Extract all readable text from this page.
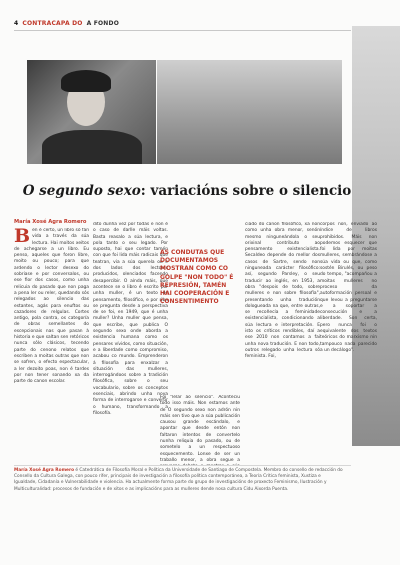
4 CONTRACAPA DO A FONDO
O segundo sexo: variacións sobre o silencio
María Xosé Agra Romero
Ben é certo, un libro só fan vida a través da súa lectura. Hai moitos xeitos de achegarse a un libro. Eu penso, aqueles que foron libre, moito ou pouco; para que ardendo o lector desexo do sobriase e por conversalos, ou ese fior dos casos, como unha relicuia do pasado que non paga a pena ler ou reler, quedando sós relegados ao silencio das estantes, agás para enuftos ou cazadores de relgulas. Cortes antigo, pola contra, os categoría de obras semellantes do escepcionais nas que pasan à historia e que saltan sen retóricos nunca sólo clásicos, tecendo parte do cenono relatos que escriben a moitas outras que non se sofren, o efecto espectacular, a ler dezoito poas, non é tardes por non tener sonando xa da parte do canon escolar.
dito dunha vez por todas e non é o caso de darlle máis voltas. Basta reasalo a súa lectura, e pola tanto o seu legado. Por suposto, hai que contar tamén con que foi lida máis radicais que teatran, via a súa querela ou e dos lados dos lectores producidos, olenciados facendo desapercibir. O aínda máis, que acontece se o libro é escrito por unha muller, é un texto de pensamento, filosófico, e por riba se pregunta desde a perspectiva de se foi, en 1949, que é unha muller? Unha muller que pensa, que escribe, que publica O segundo sexo onde aborda a existencia humana como os pensares vívidos, como situación, e a liberdade como compromiso, acabou co mundo. Emprenderon á filosofía para enxalzar a situación das mulleres, interrogándoos sobre a tradición filosófica, sobre o seu vocabulario, sobre os conceptos esenciais, abrindo unha nova forma de interrogarse e convertir o humano, transformando a filosofía.
AS CONDUTAS QUE DOCUMENTAMOS MOSTRAN COMO CO GOLPE "NON TODO" É REPRESIÓN, TAMÉN HAI COOPERACIÓN E CONSENTIMENTO
Foi "lelar ao silencio". Aconteciu todo isso máis. Non estamos ante de O segundo sexo non adrón nin máis sen tivo que a súa publicación causou grande escándalo, e apontar que desde entón non faltaron intentos de convertelo nunha reliquia do pasado, ou de sometelo a un respectuoso esquecemento. Lonxe de ser un traballo menor, a obra segue a
ciado do canon filosófico, xa non como unha obra menor, senón mesmo ninguneándola o seu orixinal contributo ao pensamento existencialista. Secaldeo depende do mellor dos casos de Sartre, sendo non ninguneada carácter filosófico: así, segundo Parsley, o seu traducir ao inglés, en 1953, a obra "despois de todo, sobre mulleres e non sobre filosofía", presentando unha tradución dologueada na que, entre outras, se recoñecía a feminidade existencialista, condicionando a súa lectura e interpretación. E isto os críticos rendibles, daí a ese 2010 non contamos a fai unha nova tradución. E non todo, outros relegado unha lectura só feminista. Foi,
corpos non, enviado ao índice de libros prohibidos. Máis non podemos esquecer que foi lida por moitas mulleres, sembrándose a súa vida ou que, como sostén Birulés, ou peso do tempo, "acompañou a moitas mulleres no proceso da autoformación persoal e que levou a preguntarse e a soportar a consecución e a liberdade. Son certa, pero nunca foi o equivalente dos textos teóricos do marxismo nin tampouco nada parecido a un decálogo".
María Xosé Agra Romero é Catedrática de Filosofía Moral e Política da Universidade de Santiago de Compostela. Membro do consello de redacción do Consello da Cultura Galega, con pouco rifer, principais de investigación a filosofía política contemporánea, a Teoría Crítica feminista, Xustiza e Igualdade, Cidadanía e Vulnerabilidade e violencia. Ha actualmente forma parte do grupo de investigacións de proxecto Feminismo, Ilustración y Multiculturalidad: procesos de fundación e de xitos e as implicacións para as mulleres dende nosa cultura Cidu Aixorda Puenta.
